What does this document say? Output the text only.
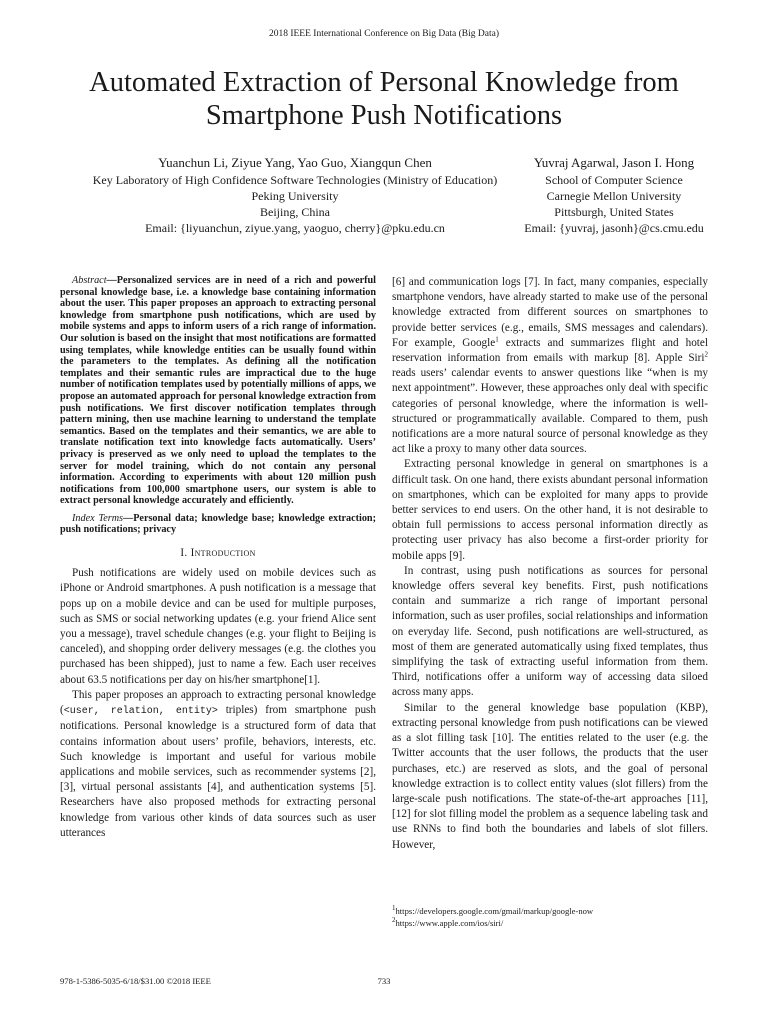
2018 IEEE International Conference on Big Data (Big Data)
Automated Extraction of Personal Knowledge from
Smartphone Push Notifications
Yuanchun Li, Ziyue Yang, Yao Guo, Xiangqun Chen
Key Laboratory of High Confidence Software Technologies (Ministry of Education)
Peking University
Beijing, China
Email: {liyuanchun, ziyue.yang, yaoguo, cherry}@pku.edu.cn
Yuvraj Agarwal, Jason I. Hong
School of Computer Science
Carnegie Mellon University
Pittsburgh, United States
Email: {yuvraj, jasonh}@cs.cmu.edu

Abstract—Personalized services are in need of a rich and powerful personal knowledge base, i.e. a knowledge base containing information about the user. This paper proposes an approach to extracting personal knowledge from smartphone push notifications, which are used by mobile systems and apps to inform users of a rich range of information. Our solution is based on the insight that most notifications are formatted using templates, while knowledge entities can be usually found within the parameters to the templates. As defining all the notification templates and their semantic rules are impractical due to the huge number of notification templates used by potentially millions of apps, we propose an automated approach for personal knowledge extraction from push notifications. We first discover notification templates through pattern mining, then use machine learning to understand the template semantics. Based on the templates and their semantics, we are able to translate notification text into knowledge facts automatically. Users’ privacy is preserved as we only need to upload the templates to the server for model training, which do not contain any personal information. According to experiments with about 120 million push notifications from 100,000 smartphone users, our system is able to extract personal knowledge accurately and efficiently.

Index Terms—Personal data; knowledge base; knowledge extraction; push notifications; privacy

I. Introduction

Push notifications are widely used on mobile devices such as iPhone or Android smartphones. A push notification is a message that pops up on a mobile device and can be used for multiple purposes, such as SMS or social networking updates (e.g. your friend Alice sent you a message), travel schedule changes (e.g. your flight to Beijing is canceled), and shopping order delivery messages (e.g. the clothes you purchased has been shipped), just to name a few. Each user receives about 63.5 notifications per day on his/her smartphone[1].

This paper proposes an approach to extracting personal knowledge (<user, relation, entity> triples) from smartphone push notifications. Personal knowledge is a structured form of data that contains information about users’ profile, behaviors, interests, etc. Such knowledge is important and useful for various mobile applications and mobile services, such as recommender systems [2], [3], virtual personal assistants [4], and authentication systems [5]. Researchers have also proposed methods for extracting personal knowledge from various other kinds of data sources such as user utterances

[6] and communication logs [7]. In fact, many companies, especially smartphone vendors, have already started to make use of the personal knowledge extracted from different sources on smartphones to provide better services (e.g., emails, SMS messages and calendars). For example, Google$^1$ extracts and summarizes flight and hotel reservation information from emails with markup [8]. Apple Siri$^2$ reads users’ calendar events to answer questions like “when is my next appointment”. However, these approaches only deal with specific categories of personal knowledge, where the information is well-structured or programmatically available. Compared to them, push notifications are a more natural source of personal knowledge as they act like a proxy to many other data sources.

Extracting personal knowledge in general on smartphones is a difficult task. On one hand, there exists abundant personal information on smartphones, which can be exploited for many apps to provide better services to end users. On the other hand, it is not desirable to obtain full permissions to access personal information directly as protecting user privacy has also become a first-order priority for mobile apps [9].

In contrast, using push notifications as sources for personal knowledge offers several key benefits. First, push notifications contain and summarize a rich range of important personal information, such as user profiles, social relationships and information on everyday life. Second, push notifications are well-structured, as most of them are generated automatically using fixed templates, thus simplifying the task of extracting useful information from them. Third, notifications offer a uniform way of accessing data siloed across many apps.

Similar to the general knowledge base population (KBP), extracting personal knowledge from push notifications can be viewed as a slot filling task [10]. The entities related to the user (e.g. the Twitter accounts that the user follows, the products that the user purchases, etc.) are reserved as slots, and the goal of personal knowledge extraction is to collect entity values (slot fillers) from the large-scale push notifications. The state-of-the-art approaches [11], [12] for slot filling model the problem as a sequence labeling task and use RNNs to find both the boundaries and labels of slot fillers. However,

$^1$https://developers.google.com/gmail/markup/google-now
$^2$https://www.apple.com/ios/siri/
978-1-5386-5035-6/18/$31.00 ©2018 IEEE	733
